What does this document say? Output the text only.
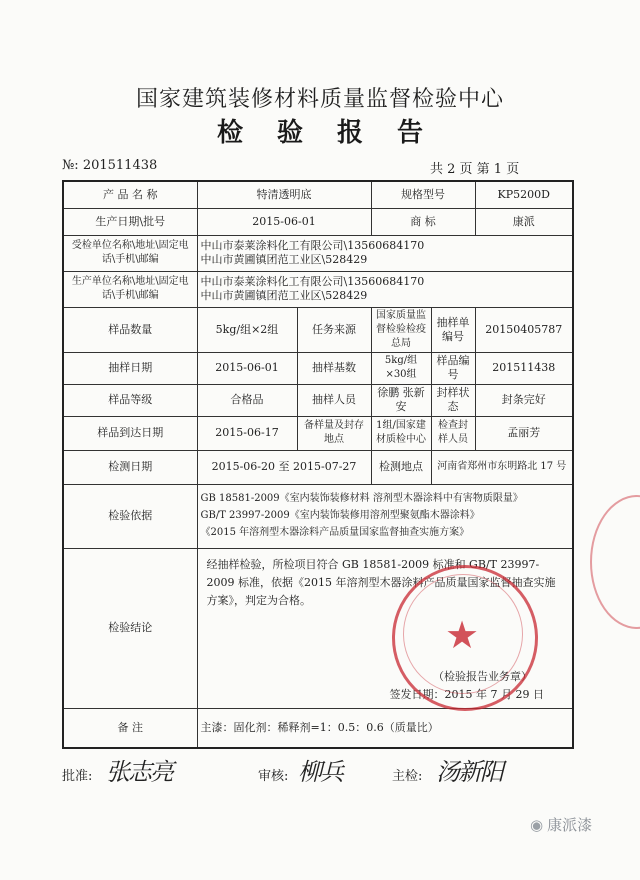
国家建筑装修材料质量监督检验中心
检验报告
№: 201511438	共 2 页 第 1 页
产 品 名 称	特清透明底		规格型号		KP5200D
生产日期\批号	2015-06-01		商 标		康派
受检单位名称\地址\固定电话\手机\邮编	中山市泰莱涂料化工有限公司\13560684170
中山市黄圃镇团范工业区\528429				

生产单位名称\地址\固定电话\手机\邮编	中山市泰莱涂料化工有限公司\13560684170
中山市黄圃镇团范工业区\528429				

样品数量	5kg/组×2组	任务来源	国家质量监督检验检疫总局	抽样单编号	20150405787
抽样日期	2015-06-01	抽样基数	5kg/组×30组	样品编号	201511438
样品等级	合格品	抽样人员	徐鹏 张新安	封样状态	封条完好
样品到达日期	2015-06-17	备样量及封存地点	1组/国家建材质检中心	检查封样人员	孟丽芳
检测日期	2015-06-20 至 2015-07-27		检测地点	河南省郑州市东明路北 17 号	
检验依据	GB 18581-2009《室内装饰装修材料 溶剂型木器涂料中有害物质限量》

GB/T 23997-2009《室内装饰装修用溶剂型聚氨酯木器涂料》

《2015 年溶剂型木器涂料产品质量国家监督抽查实施方案》				

检验结论	经抽样检验，所检项目符合 GB 18581-2009 标准和 GB/T 23997-2009 标准，依据《2015 年溶剂型木器涂料产品质量国家监督抽查实施方案》，判定为合格。
（检验报告业务章）
签发日期：2015 年 7 月 29 日				

备 注	主漆：固化剂：稀释剂=1：0.5：0.6（质量比）				
★
批准: 张志亮	审核: 柳兵	主检: 汤新阳
◉ 康派漆
